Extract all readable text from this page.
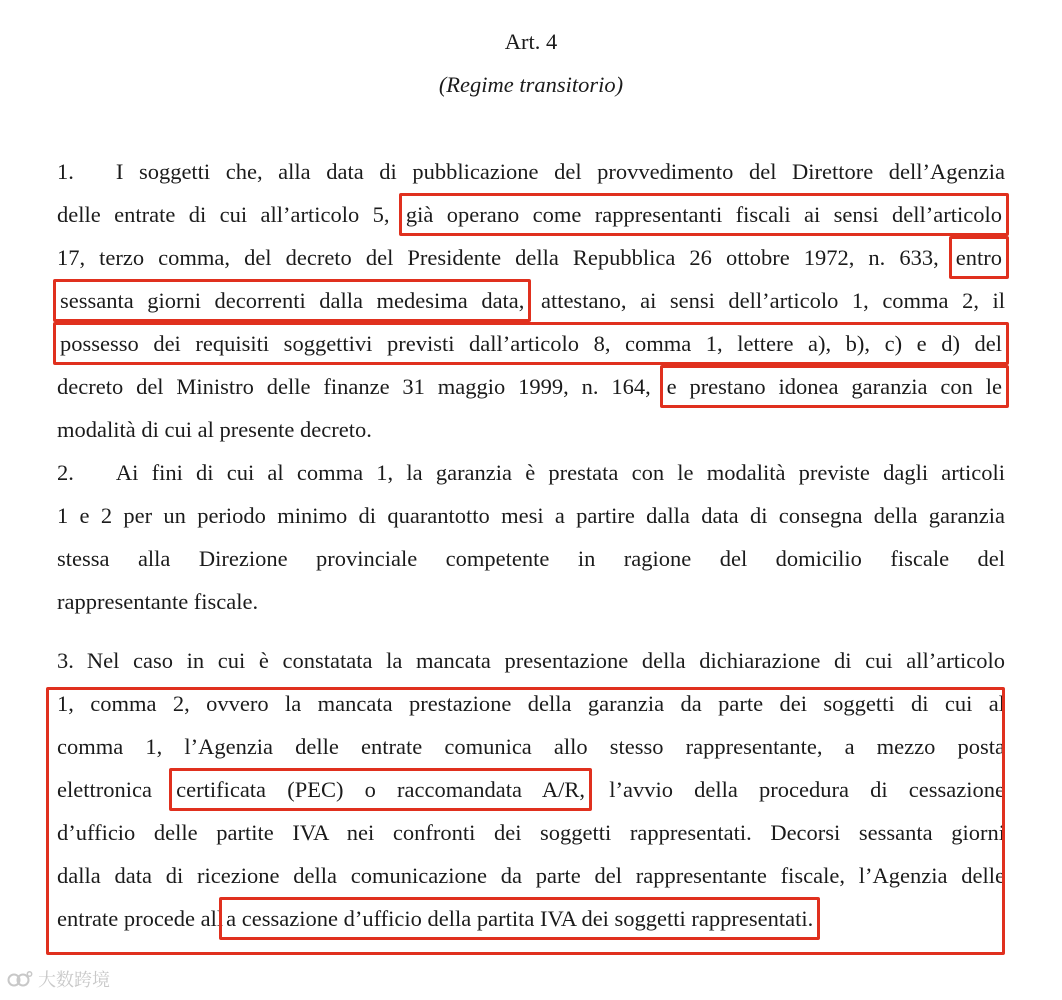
Art. 4
(Regime transitorio)
1. I soggetti che, alla data di pubblicazione del provvedimento del Direttore dell’Agenzia
delle entrate di cui all’articolo 5, già operano come rappresentanti fiscali ai sensi dell’articolo
17, terzo comma, del decreto del Presidente della Repubblica 26 ottobre 1972, n. 633, entro
sessanta giorni decorrenti dalla medesima data, attestano, ai sensi dell’articolo 1, comma 2, il
possesso dei requisiti soggettivi previsti dall’articolo 8, comma 1, lettere a), b), c) e d) del
decreto del Ministro delle finanze 31 maggio 1999, n. 164, e prestano idonea garanzia con le
modalità di cui al presente decreto.
2. Ai fini di cui al comma 1, la garanzia è prestata con le modalità previste dagli articoli
1 e 2 per un periodo minimo di quarantotto mesi a partire dalla data di consegna della garanzia
stessa alla Direzione provinciale competente in ragione del domicilio fiscale del
rappresentante fiscale.
3. Nel caso in cui è constatata la mancata presentazione della dichiarazione di cui all’articolo
1, comma 2, ovvero la mancata prestazione della garanzia da parte dei soggetti di cui al
comma 1, l’Agenzia delle entrate comunica allo stesso rappresentante, a mezzo posta
elettronica certificata (PEC) o raccomandata A/R, l’avvio della procedura di cessazione
d’ufficio delle partite IVA nei confronti dei soggetti rappresentati. Decorsi sessanta giorni
dalla data di ricezione della comunicazione da parte del rappresentante fiscale, l’Agenzia delle
entrate procede all a cessazione d’ufficio della partita IVA dei soggetti rappresentati.
大数跨境
